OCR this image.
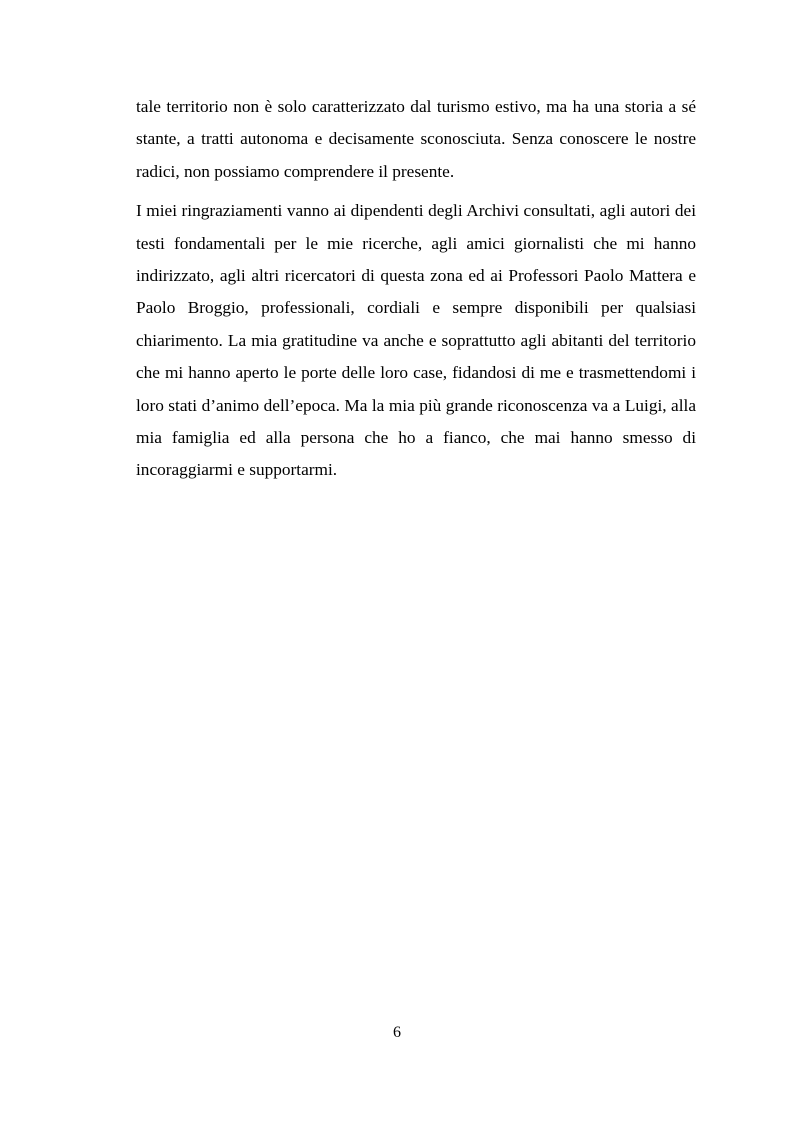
tale territorio non è solo caratterizzato dal turismo estivo, ma ha una storia a sé stante, a tratti autonoma e decisamente sconosciuta. Senza conoscere le nostre radici, non possiamo comprendere il presente.

I miei ringraziamenti vanno ai dipendenti degli Archivi consultati, agli autori dei testi fondamentali per le mie ricerche, agli amici giornalisti che mi hanno indirizzato, agli altri ricercatori di questa zona ed ai Professori Paolo Mattera e Paolo Broggio, professionali, cordiali e sempre disponibili per qualsiasi chiarimento. La mia gratitudine va anche e soprattutto agli abitanti del territorio che mi hanno aperto le porte delle loro case, fidandosi di me e trasmettendomi i loro stati d’animo dell’epoca. Ma la mia più grande riconoscenza va a Luigi, alla mia famiglia ed alla persona che ho a fianco, che mai hanno smesso di incoraggiarmi e supportarmi.

6
